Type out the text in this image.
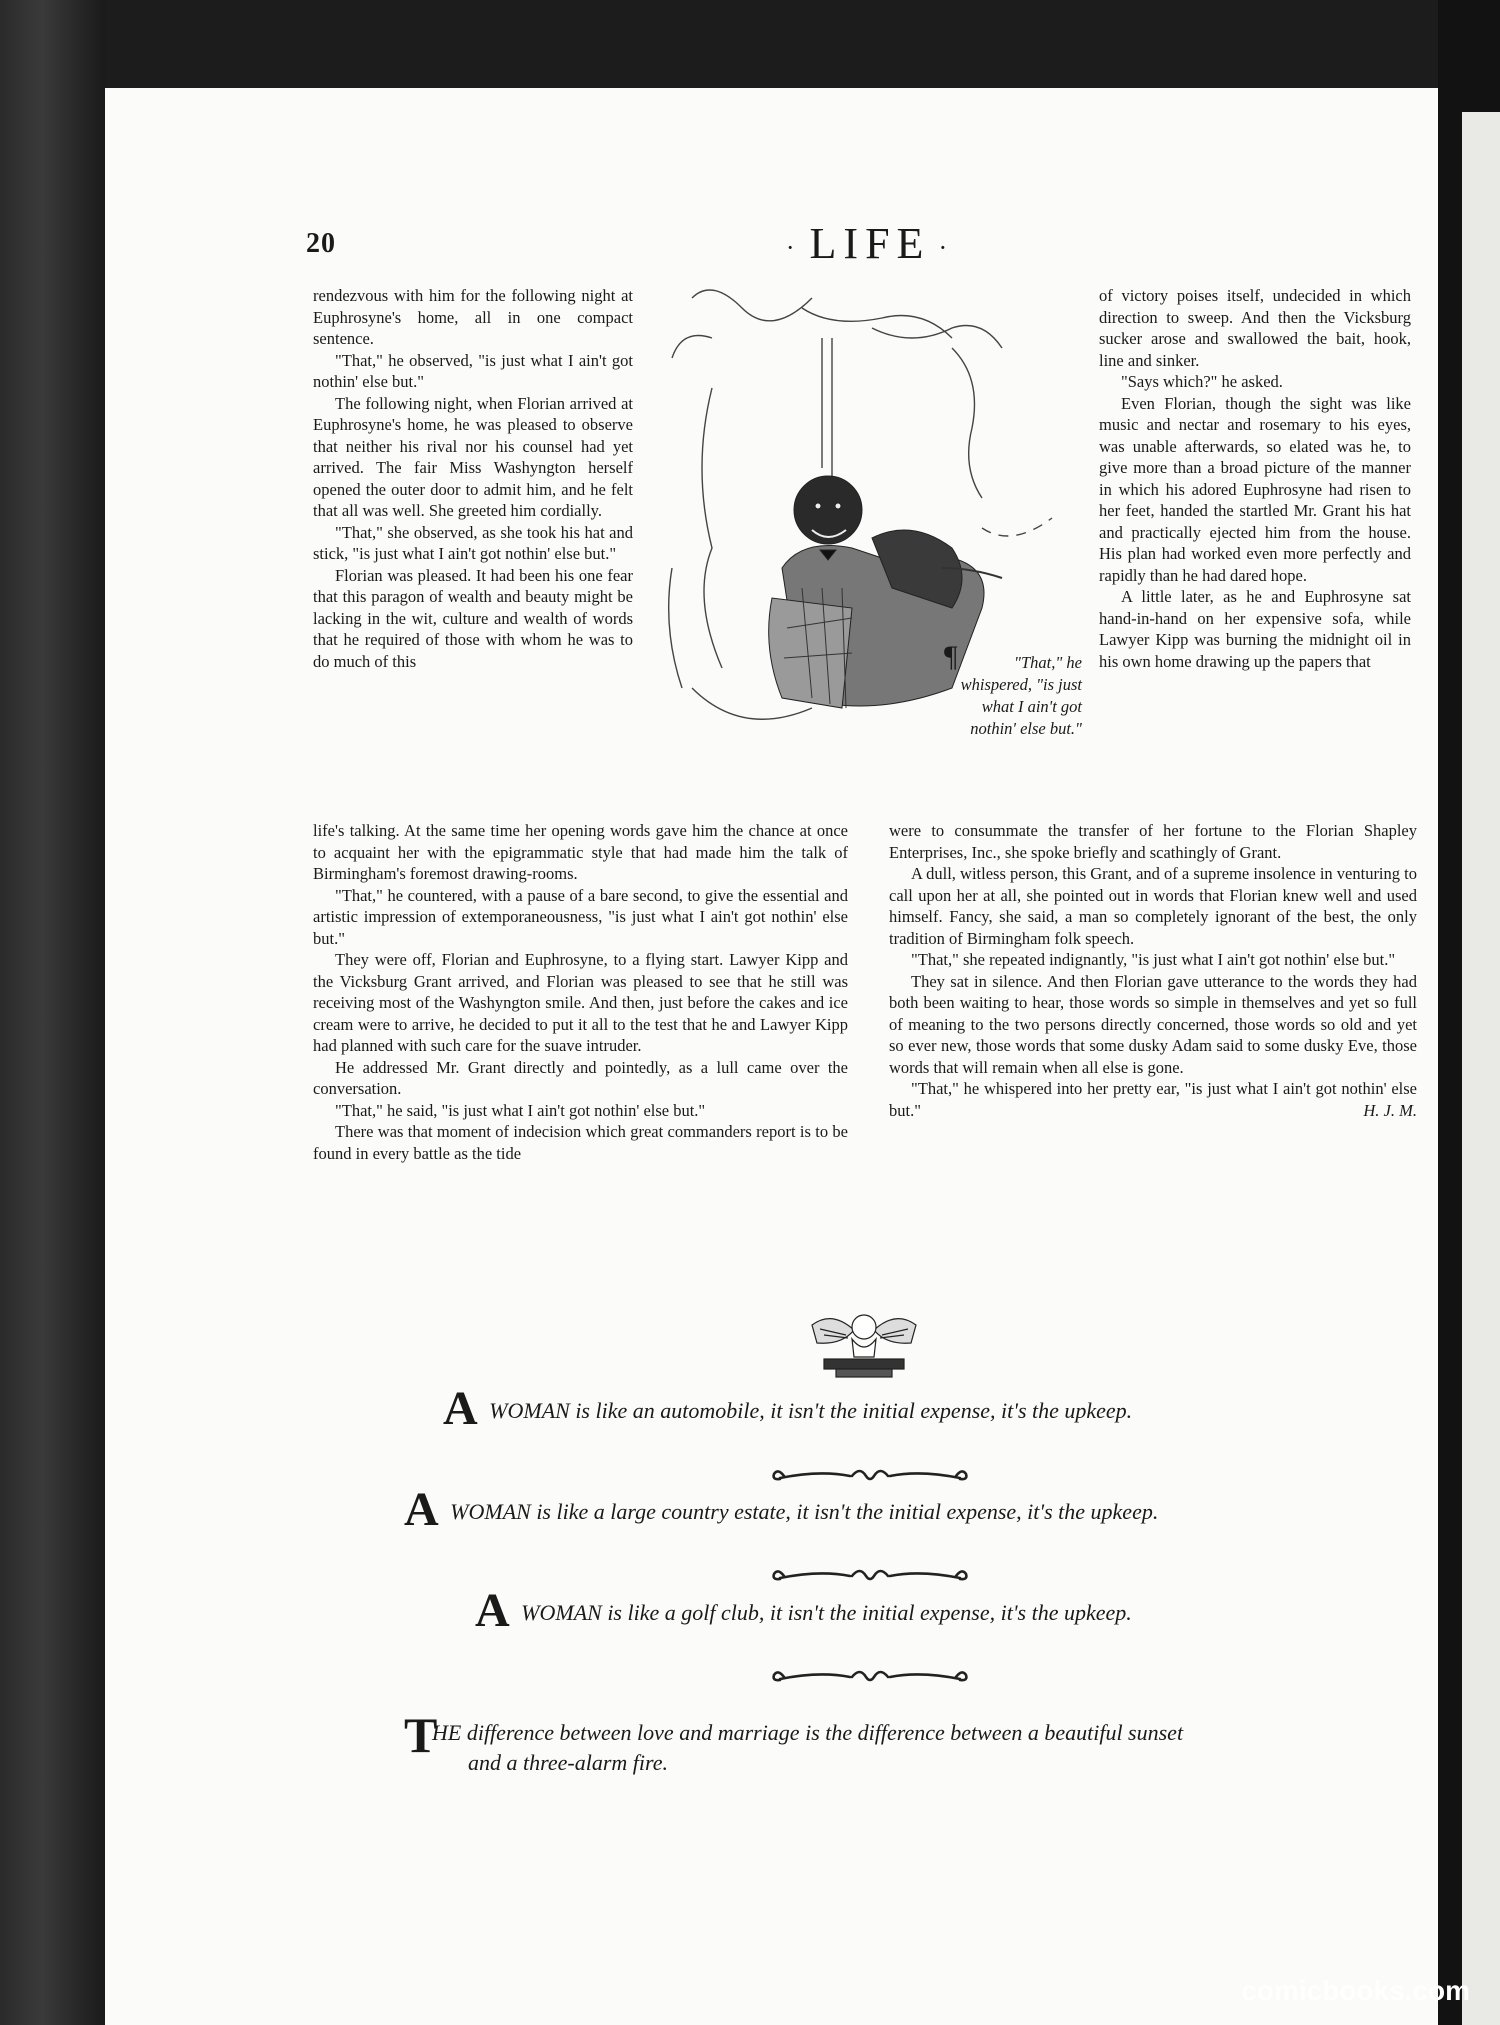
20	· LIFE ·

rendezvous with him for the following night at Euphrosyne's home, all in one compact sentence.

"That," he observed, "is just what I ain't got nothin' else but."

The following night, when Florian arrived at Euphrosyne's home, he was pleased to observe that neither his rival nor his counsel had yet arrived. The fair Miss Washyngton herself opened the outer door to admit him, and he felt that all was well. She greeted him cordially.

"That," she observed, as she took his hat and stick, "is just what I ain't got nothin' else but."

Florian was pleased. It had been his one fear that this paragon of wealth and beauty might be lacking in the wit, culture and wealth of words that he required of those with whom he was to do much of this

life's talking. At the same time her opening words gave him the chance at once to acquaint her with the epigrammatic style that had made him the talk of Birmingham's foremost drawing-rooms.

"That," he countered, with a pause of a bare second, to give the essential and artistic impression of extemporaneousness, "is just what I ain't got nothin' else but."

They were off, Florian and Euphrosyne, to a flying start. Lawyer Kipp and the Vicksburg Grant arrived, and Florian was pleased to see that he still was receiving most of the Washyngton smile. And then, just before the cakes and ice cream were to arrive, he decided to put it all to the test that he and Lawyer Kipp had planned with such care for the suave intruder.

He addressed Mr. Grant directly and pointedly, as a lull came over the conversation.

"That," he said, "is just what I ain't got nothin' else but."

There was that moment of indecision which great commanders report is to be found in every battle as the tide

of victory poises itself, undecided in which direction to sweep. And then the Vicksburg sucker arose and swallowed the bait, hook, line and sinker.

"Says which?" he asked.

Even Florian, though the sight was like music and nectar and rosemary to his eyes, was unable afterwards, so elated was he, to give more than a broad picture of the manner in which his adored Euphrosyne had risen to her feet, handed the startled Mr. Grant his hat and practically ejected him from the house. His plan had worked even more perfectly and rapidly than he had dared hope.

A little later, as he and Euphrosyne sat hand-in-hand on her expensive sofa, while Lawyer Kipp was burning the midnight oil in his own home drawing up the papers that

were to consummate the transfer of her fortune to the Florian Shapley Enterprises, Inc., she spoke briefly and scathingly of Grant.

A dull, witless person, this Grant, and of a supreme insolence in venturing to call upon her at all, she pointed out in words that Florian knew well and used himself. Fancy, she said, a man so completely ignorant of the best, the only tradition of Birmingham folk speech.

"That," she repeated indignantly, "is just what I ain't got nothin' else but."

They sat in silence. And then Florian gave utterance to the words they had both been waiting to hear, those words so simple in themselves and yet so full of meaning to the two persons directly concerned, those words so old and yet so ever new, those words that some dusky Adam said to some dusky Eve, those words that will remain when all else is gone.

"That," he whispered into her pretty ear, "is just what I ain't got nothin' else but."	H. J. M.

¶	"That," he whispered, "is just what I ain't got nothin' else but."
A WOMAN is like an automobile, it isn't the initial expense, it's the upkeep.
A WOMAN is like a large country estate, it isn't the initial expense, it's the upkeep.
A WOMAN is like a golf club, it isn't the initial expense, it's the upkeep.
T
HE difference between love and marriage is the difference between a beautiful sunset
and a three-alarm fire.
comicbooks.com
